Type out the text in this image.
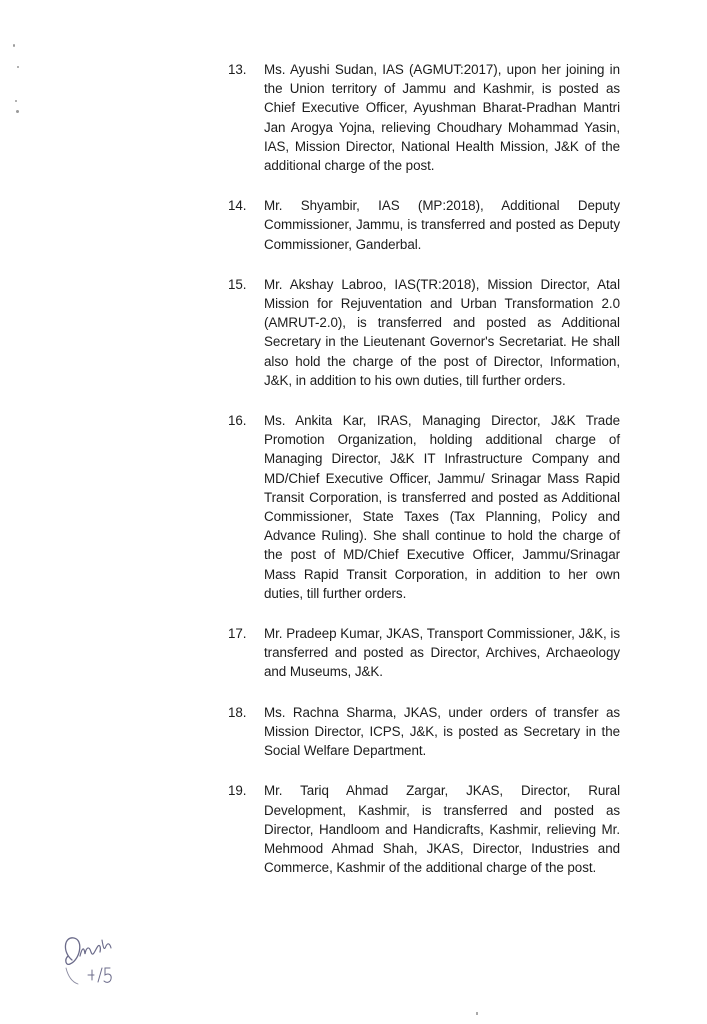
13.	Ms. Ayushi Sudan, IAS (AGMUT:2017), upon her joining in the Union territory of Jammu and Kashmir, is posted as Chief Executive Officer, Ayushman Bharat-Pradhan Mantri Jan Arogya Yojna, relieving Choudhary Mohammad Yasin, IAS, Mission Director, National Health Mission, J&K of the additional charge of the post.
14.	Mr. Shyambir, IAS (MP:2018), Additional Deputy Commissioner, Jammu, is transferred and posted as Deputy Commissioner, Ganderbal.
15.	Mr. Akshay Labroo, IAS(TR:2018), Mission Director, Atal Mission for Rejuventation and Urban Transformation 2.0 (AMRUT-2.0), is transferred and posted as Additional Secretary in the Lieutenant Governor's Secretariat. He shall also hold the charge of the post of Director, Information, J&K, in addition to his own duties, till further orders.
16.	Ms. Ankita Kar, IRAS, Managing Director, J&K Trade Promotion Organization, holding additional charge of Managing Director, J&K IT Infrastructure Company and MD/Chief Executive Officer, Jammu/ Srinagar Mass Rapid Transit Corporation, is transferred and posted as Additional Commissioner, State Taxes (Tax Planning, Policy and Advance Ruling). She shall continue to hold the charge of the post of MD/Chief Executive Officer, Jammu/Srinagar Mass Rapid Transit Corporation, in addition to her own duties, till further orders.
17.	Mr. Pradeep Kumar, JKAS, Transport Commissioner, J&K, is transferred and posted as Director, Archives, Archaeology and Museums, J&K.
18.	Ms. Rachna Sharma, JKAS, under orders of transfer as Mission Director, ICPS, J&K, is posted as Secretary in the Social Welfare Department.
19.	Mr. Tariq Ahmad Zargar, JKAS, Director, Rural Development, Kashmir, is transferred and posted as Director, Handloom and Handicrafts, Kashmir, relieving Mr. Mehmood Ahmad Shah, JKAS, Director, Industries and Commerce, Kashmir of the additional charge of the post.
